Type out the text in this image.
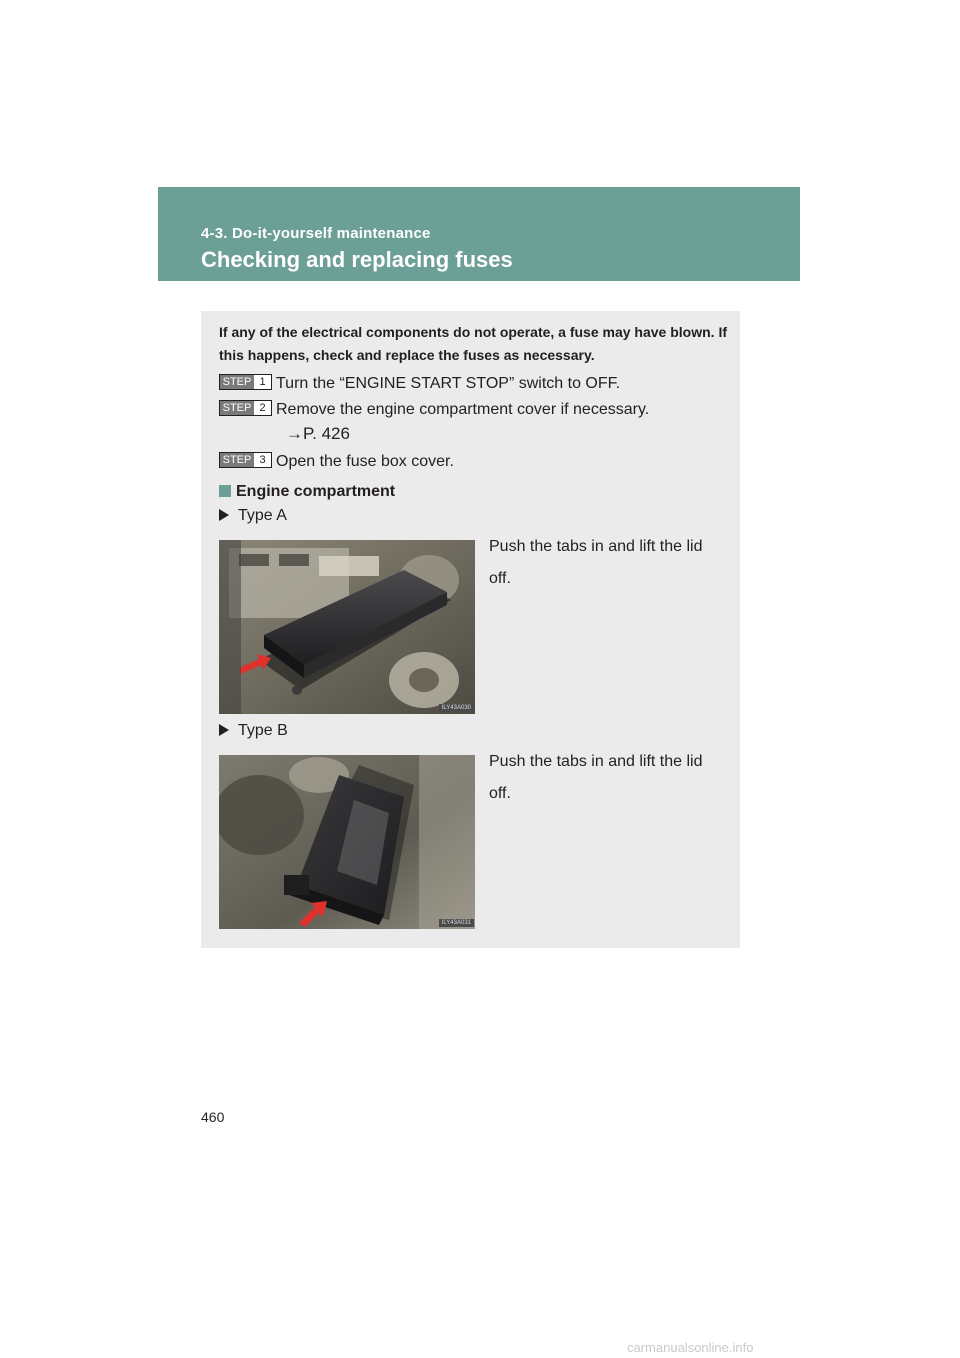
4-3. Do-it-yourself maintenance
Checking and replacing fuses
If any of the electrical components do not operate, a fuse may have blown. If this happens, check and replace the fuses as necessary.
STEP 1 Turn the “ENGINE START STOP” switch to OFF.
STEP 2 Remove the engine compartment cover if necessary.
→P. 426
STEP 3 Open the fuse box cover.
Engine compartment
Type A
ILY43A030
Push the tabs in and lift the lid off.
Type B
ILY43A031
Push the tabs in and lift the lid off.
460
carmanualsonline.info
